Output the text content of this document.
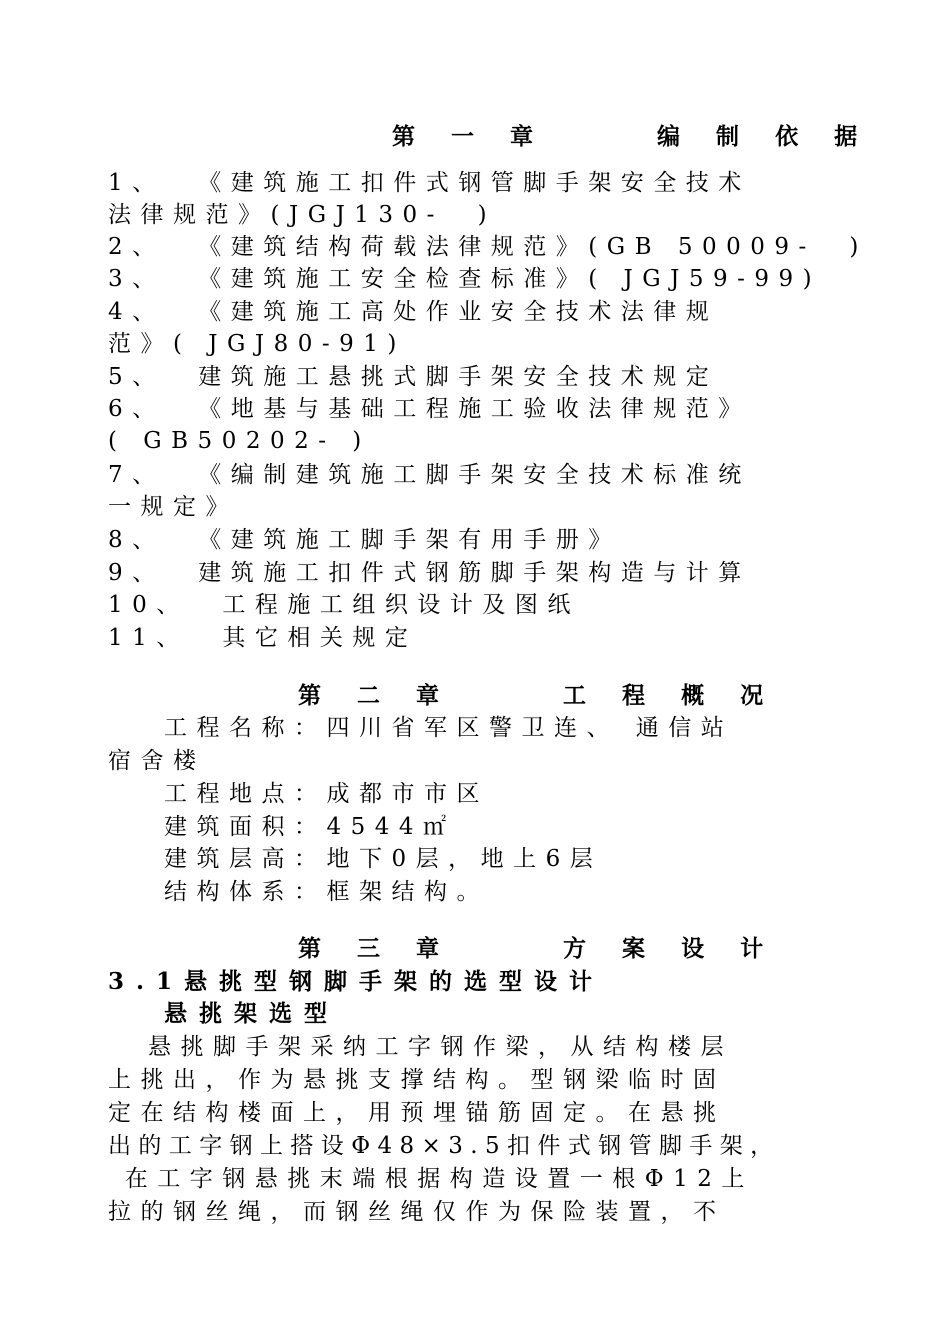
第 一 章     编 制 依 据
1、  《建筑施工扣件式钢管脚手架安全技术
法律规范》(JGJ130-  )
2、  《建筑结构荷载法律规范》(GB 50009-  )
3、  《建筑施工安全检查标准》( JGJ59-99)
4、  《建筑施工高处作业安全技术法律规
范》( JGJ80-91)
5、  建筑施工悬挑式脚手架安全技术规定
6、  《地基与基础工程施工验收法律规范》
( GB50202- )
7、  《编制建筑施工脚手架安全技术标准统
一规定》
8、  《建筑施工脚手架有用手册》
9、  建筑施工扣件式钢筋脚手架构造与计算
10、  工程施工组织设计及图纸
11、  其它相关规定
第 二 章     工 程 概 况
工程名称：四川省军区警卫连、 通信站
宿舍楼
工程地点：成都市市区
建筑面积：4544㎡
建筑层高：地下0层，地上6层
结构体系：框架结构。
第 三 章     方 案 设 计
3.1悬挑型钢脚手架的选型设计
悬挑架选型
悬挑脚手架采纳工字钢作梁，从结构楼层
上挑出，作为悬挑支撑结构。型钢梁临时固
定在结构楼面上，用预埋锚筋固定。在悬挑
出的工字钢上搭设Φ48×3.5扣件式钢管脚手架，
在工字钢悬挑末端根据构造设置一根Φ12上
拉的钢丝绳，而钢丝绳仅作为保险装置，不
